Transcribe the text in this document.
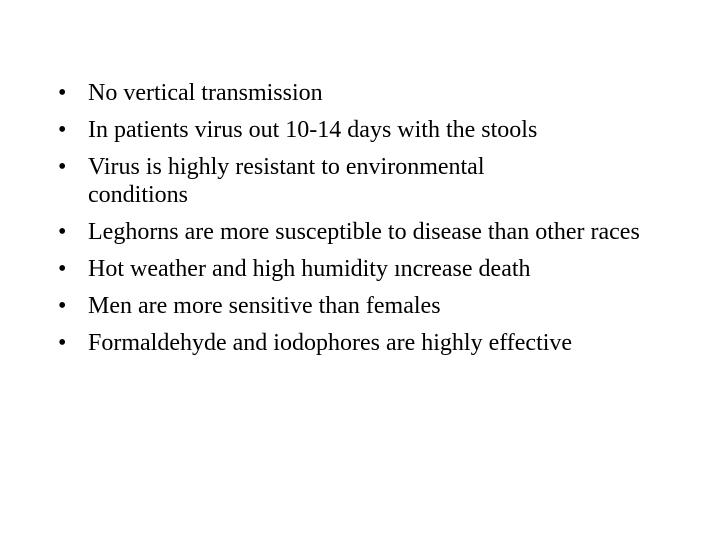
• No vertical transmission
• In patients virus out 10-14 days with the stools
• Virus is highly resistant to environmental conditions
• Leghorns are more susceptible to disease than other races
• Hot weather and high humidity ıncrease death
• Men are more sensitive than females
• Formaldehyde and iodophores are highly effective
